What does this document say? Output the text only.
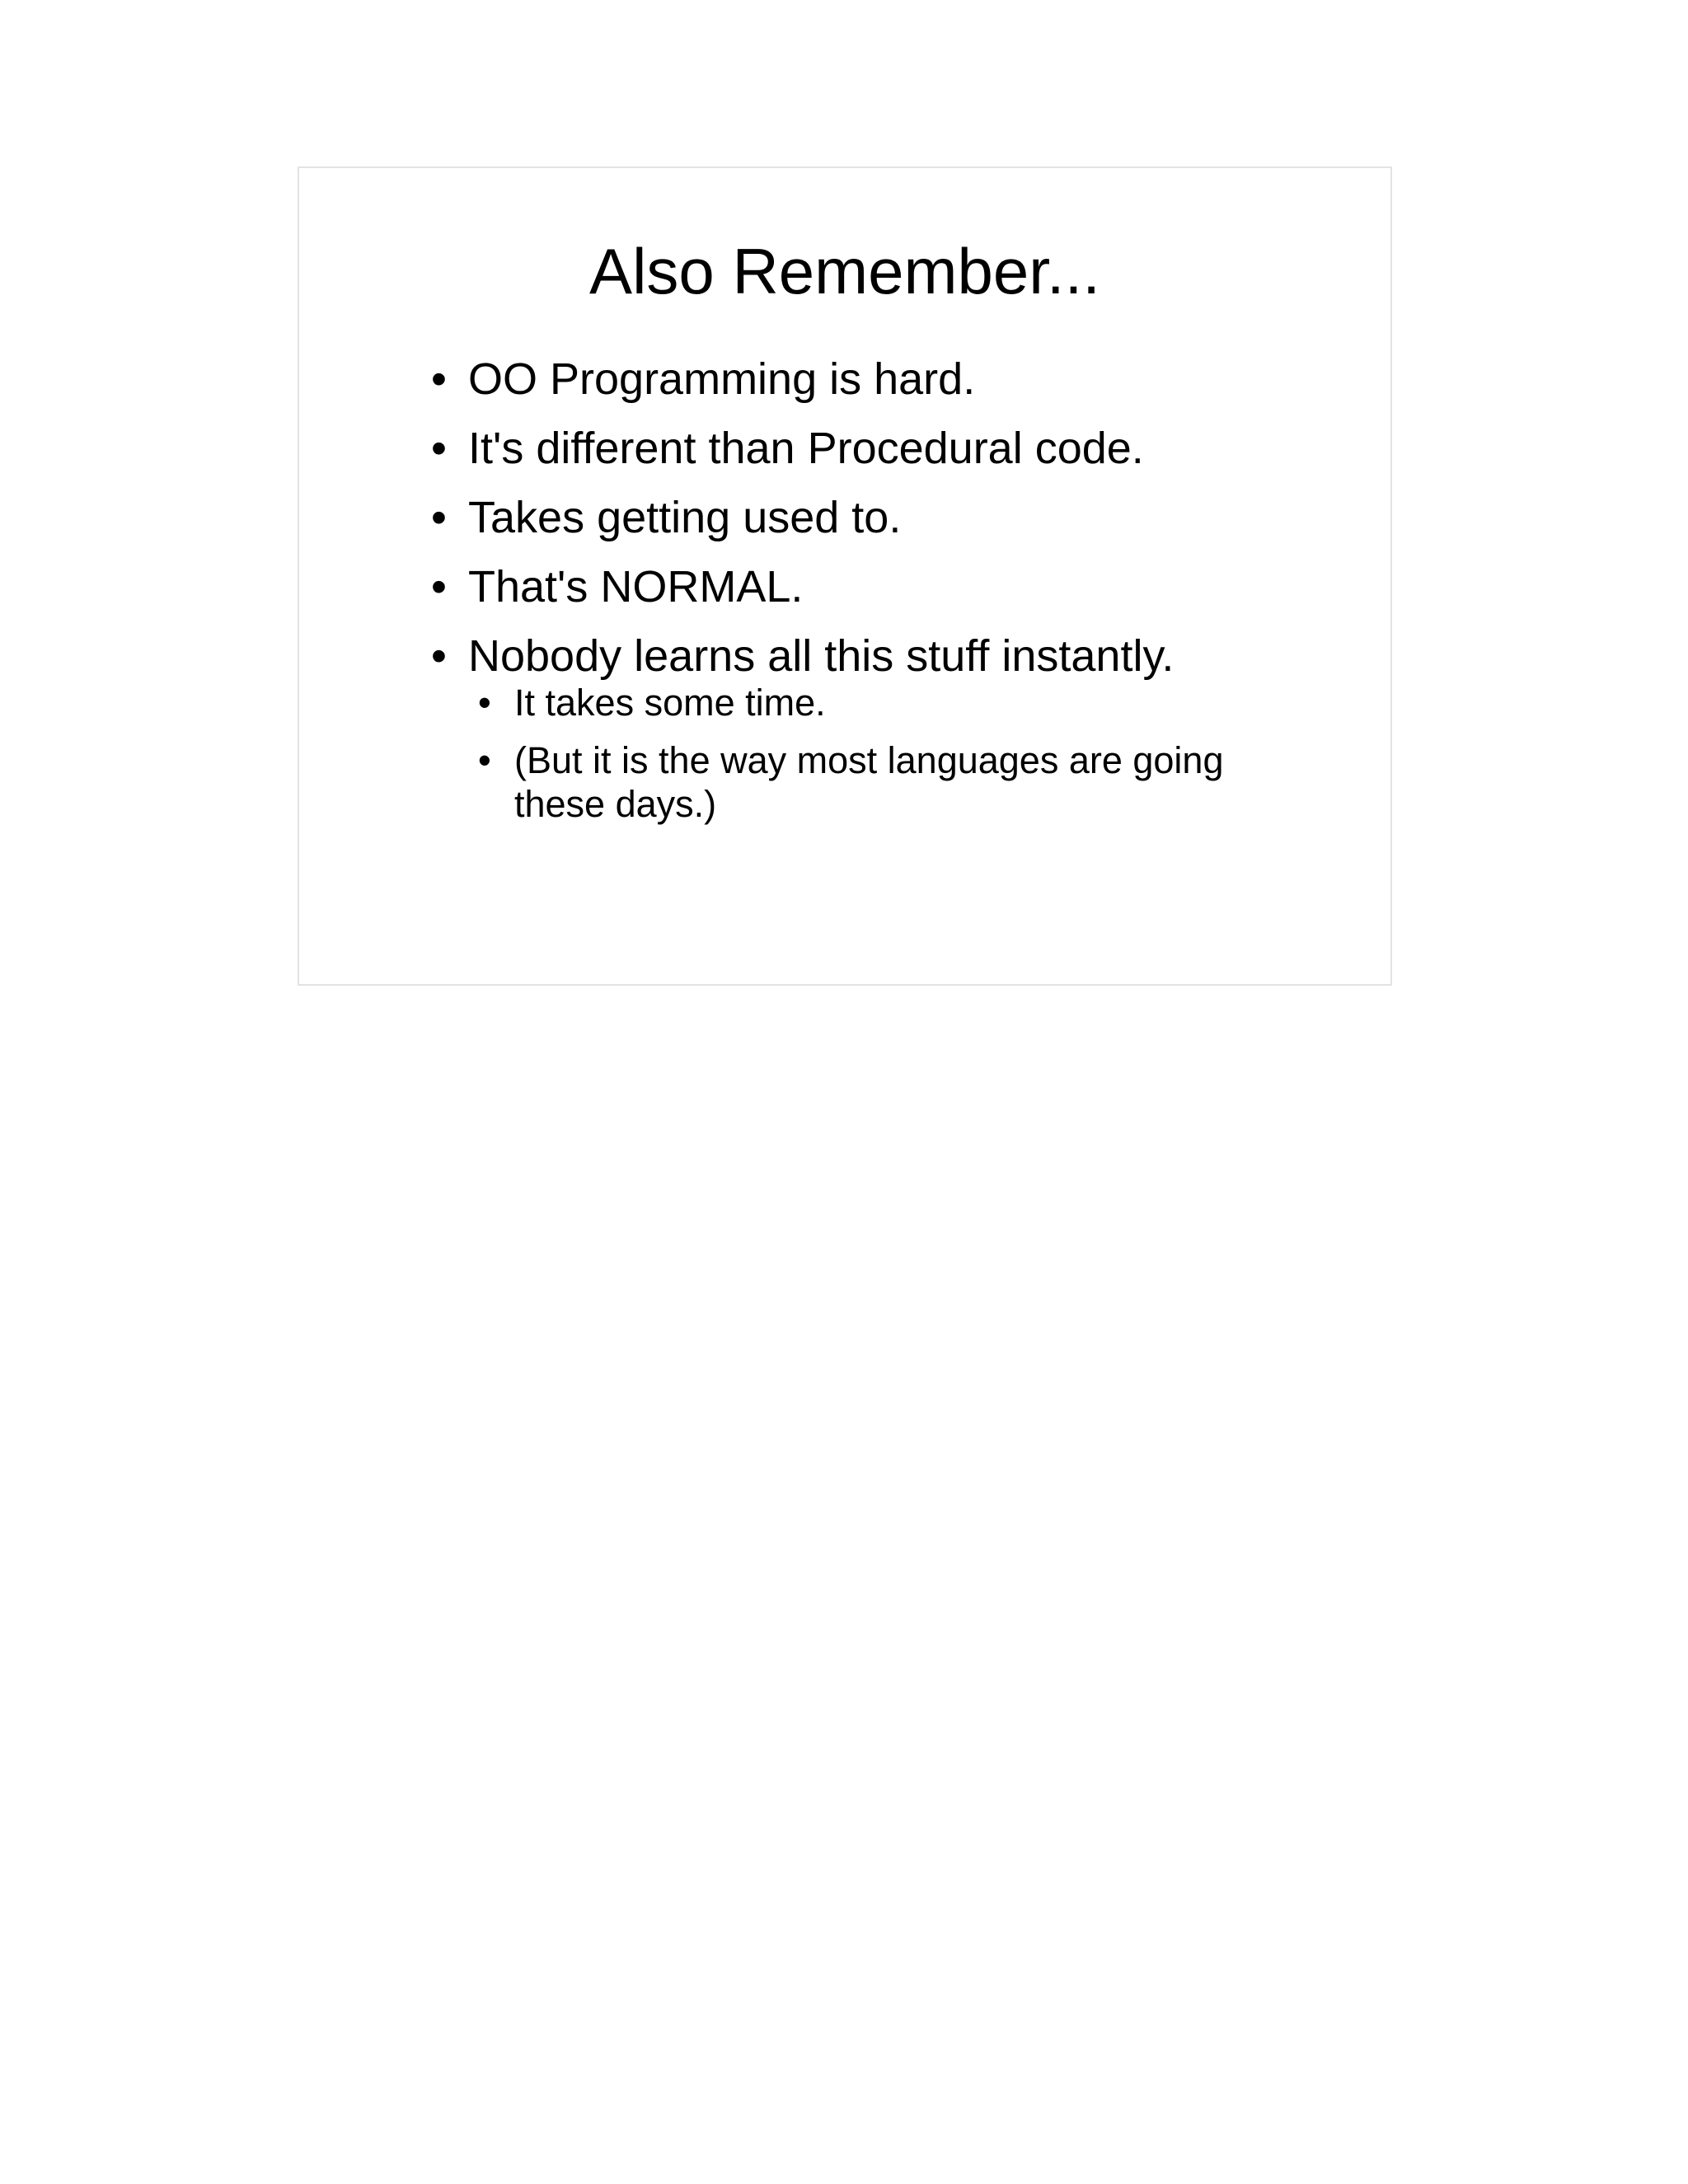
Also Remember...
• OO Programming is hard.
• It's different than Procedural code.
• Takes getting used to.
• That's NORMAL.
• Nobody learns all this stuff instantly.
• It takes some time.
• (But it is the way most languages are going these days.)
